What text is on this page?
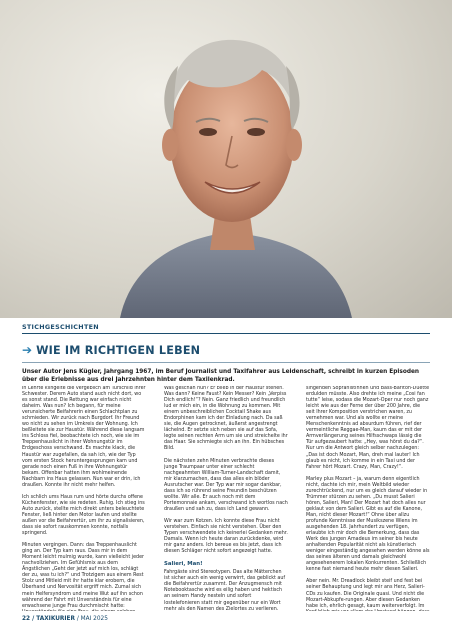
STICHGESCHICHTEN
➔ WIE IM RICHTIGEN LEBEN
Unser Autor Jens Kügler, Jahrgang 1967, im Beruf Journalist und Taxifahrer aus Leidenschaft, schreibt in kurzen Episoden über die Erlebnisse aus drei Jahrzehnten hinter dem Taxilenkrad.

In Lehrte klingelte die vergeblich am Türschild ihrer Schwester. Derem Auto stand auch nicht dort, wo es sonst stand. Die Rettung war einfach nicht daheim. Was nun? Ich begann, für meine verunsicherte Beifahrerin einen Schlachtplan zu schmieden. Wir zurück nach Burgdorf. Ihr Freund wo nicht zu sehen im Umkreis der Wohnung. Ich beßleitete sie zur Haustür. Während diese langsam ins Schloss fiel, beobachtete ich noch, wie sie im Treppenhauslicht in ihrer Wohnungstür im Erdgeschoss verschwand. Es machte klack, die Haustür war zugefallen, da sah ich, wie der Typ vom ersten Stock heruntergesprungen kam und gerade noch einen Fuß in ihre Wohnungstür bekam. Offenbar hatten ihm wohlmeinende Nachbarn ins Haus gelassen. Nun war er drin, ich draußen. Konnte ihr nicht mehr helfen.

Ich schlich ums Haus rum und hörte durchs offene Küchenfenster, wie sie redeten. Ruhig. Ich stieg ins Auto zurück, stellte mich direkt unters beleuchtete Fenster, ließ hinter den Motor laufen und stellte außen vor die Beifahrertür, um ihr zu signalisieren, dass sie sofort rauskommen konnte, notfalls springend.

Minuten vergingen. Dann: das Treppenhauslicht ging an. Der Typ kam raus. Dass mir in dem Moment leicht mulmig wurde, kann vielleicht jeder nachvollziehen. Im Gefühlsmix aus dem Ängstlichen „Geht der jetzt auf mich los, schlägt der zu, was tu ich?“ und Trotzigem aus einem Rest Stolz und Mitleid mit ihr hatte klar erobern, die Überhand und Nervosität ergriff mich. Zumal sich mein Helfersyndrom und meine Wut auf ihn schon während der Fahrt mit Unverständnis für eine erwachsene junge Frau durchmischt hatte:

Was geschah nun? Er blieb in der Haustür stehen. Was dann? Keine Faust? Kein Messer? Kein „Verpiss Dich endlich!“? Nein. Ganz friedlich und freundlich lud er mich ein, in die Wohnung zu kommen. Mit einem unbeschreiblichen Cocktail Shake aus Endorphinen kam ich der Einladung nach. Da saß sie, die Augen getrocknet, äußerst angestrengt lächelnd. Er setzte sich neben sie auf das Sofa, legte seinen rechten Arm um sie und streichelte ihr das Haar. Sie schmiegte sich an ihn. Ein hübsches Bild.

Die nächsten zehn Minuten verbrachte dieses junge Traumpaar unter einer schlecht nachgeahmten William-Turner-Landschaft damit, mir klarzumachen, dass das alles ein blöder Ausrutscher war. Der Typ war mir sogar dankbar, dass ich so rührend seine Freundin beschützen wollte. Wir alle. Er auch noch mit dem Portemonnaie ankam, verschwand ich wortlos nach draußen und sah zu, dass ich Land gewann.

Wir war zum Kotzen. Ich konnte diese Frau nicht verstehen. Einfach sie nicht verstehen. Über den Typen verschwendete ich keinerlei Gedanken mehr. Damals. Wenn ich heute daran zurückdenke, wird mir ganz anders. Ich bereue es bis jetzt, dass ich diesen Schläger nicht sofort angezeigt hatte.

Salieri, Man!

Fahrgäste sind Stereotypen. Das alte Mätterchen ist sicher auch ein wenig verwirrt, das geblickt auf die Beifahrertür zusammt. Der Anzugmensch mit Notebooktasche wird es eilig haben und hektisch an seinem Handy nesteln und sofort losteIefonieren statt mir gegenüber nur ein Wort mehr als den Namen des Zielortes zu verlieren.

singenden Sopranistinnen und Bass-Bariton-Duette erdulden müsste. Also drehte ich meine „Cosi fan tutte“ leise, sodass die Mozart-Oper nur noch ganz leicht wie aus der Ferne der über 200 Jahre, die seit Ihrer Komposition verstrichen waren, zu vernehmen war. Und als wollte er meine Menschenkenntnis ad absurdum führen, rief der vermeintliche Reggae-Man, kaum das er mit der Armverlängerung seines Hilfsschwaps lässig die Tür aufgezaubert hatte: „Hey, was hörst du da?“. Nur um die Antwort gleich selber nachzulegen: „Das ist doch Mozart, Man, dreh mal lauter! Ich glaub es nicht, ich komme in ein Taxi und der Fahrer hört Mozart. Crazy, Man, Crazy!“.

Marley plus Mozart – ja, warum denn eigentlich nicht, dachte ich mir, mein Weltbild wieder zurechtrückend, nur um es gleich darauf wieder in Trümmer stürzen zu sehen. „Du musst Salieri hören, Salieri, Man! Der Mozart hat doch alles nur geklaut von dem Salieri. Gibt es auf die Kanone, Man, nicht dieser Mozart!“ Ohne über allzu profunde Kenntnisse der Musikszene Wiens im ausgehenden 18. Jahrhundert zu verfügen, erlaubte ich mir doch die Bemerkung, dass das Werk des jungen Amadeus im seiner bis heute anhaltenden Popularität nicht als künstlerisch weniger eingeständig angesehen werden könne als das seines älteren und damals gleichwohl angesehenerem Iokalen Konkurrenten. Schließlich kenne fast niemand heute mehr diesen Salieri.

Aber nein. Mr. Dreadlock bleibt steif und fest bei seiner Behauptung und legt mir ans Herz, Salieri-CDs zu kaufen. Die Originale quasi. Und nicht die Mozart-Abkupfe-rungen. Aber diesen Gedanken habe ich, ehrlich gesagt, kaum weiterverfolgt. Im

22 / TAXIKURIER / MAI 2025
